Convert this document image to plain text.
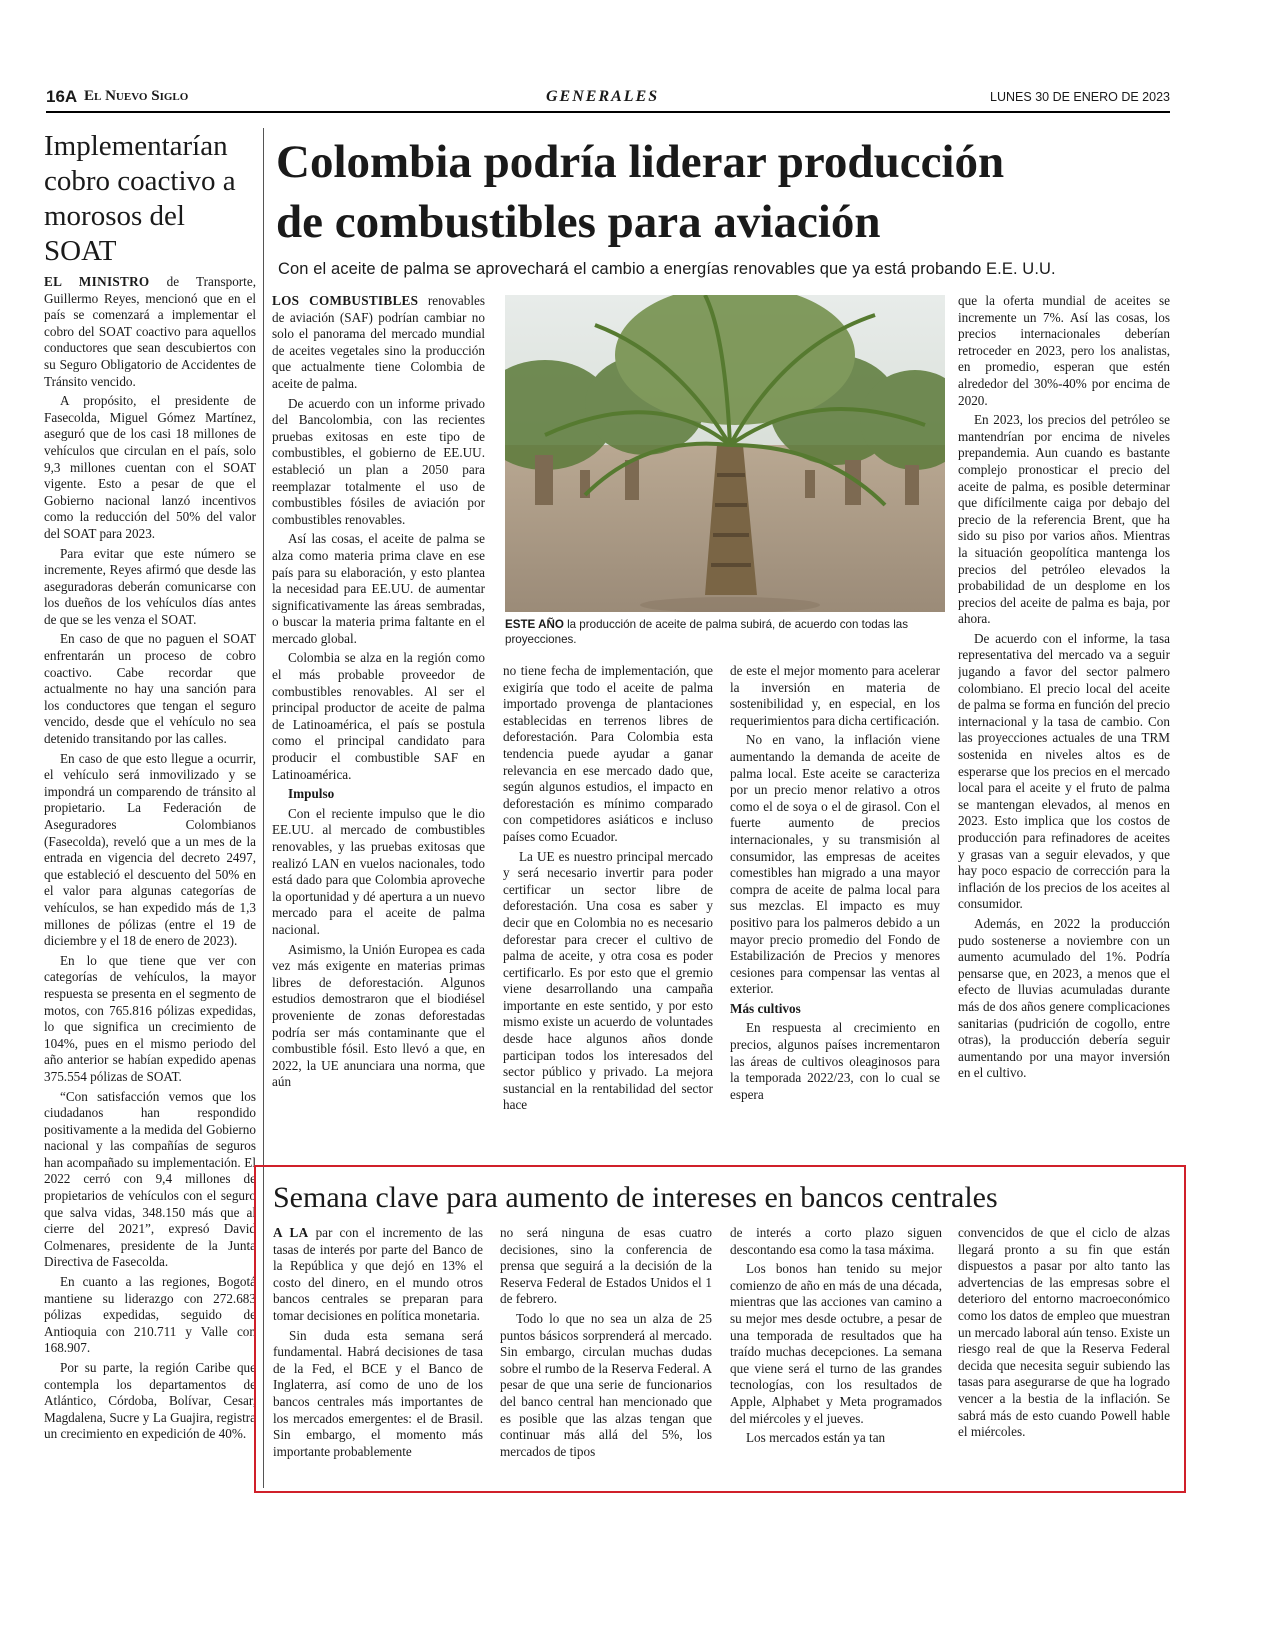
16A El Nuevo Siglo	GENERALES	LUNES 30 DE ENERO DE 2023
Implementarían cobro coactivo a morosos del SOAT

EL MINISTRO de Transporte, Guillermo Reyes, mencionó que en el país se comenzará a implementar el cobro del SOAT coactivo para aquellos conductores que sean descubiertos con su Seguro Obligatorio de Accidentes de Tránsito vencido.

A propósito, el presidente de Fasecolda, Miguel Gómez Martínez, aseguró que de los casi 18 millones de vehículos que circulan en el país, solo 9,3 millones cuentan con el SOAT vigente. Esto a pesar de que el Gobierno nacional lanzó incentivos como la reducción del 50% del valor del SOAT para 2023.

Para evitar que este número se incremente, Reyes afirmó que desde las aseguradoras deberán comunicarse con los dueños de los vehículos días antes de que se les venza el SOAT.

En caso de que no paguen el SOAT enfrentarán un proceso de cobro coactivo. Cabe recordar que actualmente no hay una sanción para los conductores que tengan el seguro vencido, desde que el vehículo no sea detenido transitando por las calles.

En caso de que esto llegue a ocurrir, el vehículo será inmovilizado y se impondrá un comparendo de tránsito al propietario. La Federación de Aseguradores Colombianos (Fasecolda), reveló que a un mes de la entrada en vigencia del decreto 2497, que estableció el descuento del 50% en el valor para algunas categorías de vehículos, se han expedido más de 1,3 millones de pólizas (entre el 19 de diciembre y el 18 de enero de 2023).

En lo que tiene que ver con categorías de vehículos, la mayor respuesta se presenta en el segmento de motos, con 765.816 pólizas expedidas, lo que significa un crecimiento de 104%, pues en el mismo periodo del año anterior se habían expedido apenas 375.554 pólizas de SOAT.

“Con satisfacción vemos que los ciudadanos han respondido positivamente a la medida del Gobierno nacional y las compañías de seguros han acompañado su implementación. El 2022 cerró con 9,4 millones de propietarios de vehículos con el seguro que salva vidas, 348.150 más que al cierre del 2021”, expresó David Colmenares, presidente de la Junta Directiva de Fasecolda.

En cuanto a las regiones, Bogotá mantiene su liderazgo con 272.683 pólizas expedidas, seguido de Antioquia con 210.711 y Valle con 168.907.

Por su parte, la región Caribe que contempla los departamentos de Atlántico, Córdoba, Bolívar, Cesar, Magdalena, Sucre y La Guajira, registra un crecimiento en expedición de 40%.

Colombia podría liderar producción
de combustibles para aviación
Con el aceite de palma se aprovechará el cambio a energías renovables que ya está probando E.E. U.U.
ESTE AÑO la producción de aceite de palma subirá, de acuerdo con todas las proyecciones.

LOS COMBUSTIBLES renovables de aviación (SAF) podrían cambiar no solo el panorama del mercado mundial de aceites vegetales sino la producción que actualmente tiene Colombia de aceite de palma.

De acuerdo con un informe privado del Bancolombia, con las recientes pruebas exitosas en este tipo de combustibles, el gobierno de EE.UU. estableció un plan a 2050 para reemplazar totalmente el uso de combustibles fósiles de aviación por combustibles renovables.

Así las cosas, el aceite de palma se alza como materia prima clave en ese país para su elaboración, y esto plantea la necesidad para EE.UU. de aumentar significativamente las áreas sembradas, o buscar la materia prima faltante en el mercado global.

Colombia se alza en la región como el más probable proveedor de combustibles renovables. Al ser el principal productor de aceite de palma de Latinoamérica, el país se postula como el principal candidato para producir el combustible SAF en Latinoamérica.

Impulso

Con el reciente impulso que le dio EE.UU. al mercado de combustibles renovables, y las pruebas exitosas que realizó LAN en vuelos nacionales, todo está dado para que Colombia aproveche la oportunidad y dé apertura a un nuevo mercado para el aceite de palma nacional.

Asimismo, la Unión Europea es cada vez más exigente en materias primas libres de deforestación. Algunos estudios demostraron que el biodiésel proveniente de zonas deforestadas podría ser más contaminante que el combustible fósil. Esto llevó a que, en 2022, la UE anunciara una norma, que aún

no tiene fecha de implementación, que exigiría que todo el aceite de palma importado provenga de plantaciones establecidas en terrenos libres de deforestación. Para Colombia esta tendencia puede ayudar a ganar relevancia en ese mercado dado que, según algunos estudios, el impacto en deforestación es mínimo comparado con competidores asiáticos e incluso países como Ecuador.

La UE es nuestro principal mercado y será necesario invertir para poder certificar un sector libre de deforestación. Una cosa es saber y decir que en Colombia no es necesario deforestar para crecer el cultivo de palma de aceite, y otra cosa es poder certificarlo. Es por esto que el gremio viene desarrollando una campaña importante en este sentido, y por esto mismo existe un acuerdo de voluntades desde hace algunos años donde participan todos los interesados del sector público y privado. La mejora sustancial en la rentabilidad del sector hace

de este el mejor momento para acelerar la inversión en materia de sostenibilidad y, en especial, en los requerimientos para dicha certificación.

No en vano, la inflación viene aumentando la demanda de aceite de palma local. Este aceite se caracteriza por un precio menor relativo a otros como el de soya o el de girasol. Con el fuerte aumento de precios internacionales, y su transmisión al consumidor, las empresas de aceites comestibles han migrado a una mayor compra de aceite de palma local para sus mezclas. El impacto es muy positivo para los palmeros debido a un mayor precio promedio del Fondo de Estabilización de Precios y menores cesiones para compensar las ventas al exterior.

Más cultivos

En respuesta al crecimiento en precios, algunos países incrementaron las áreas de cultivos oleaginosos para la temporada 2022/23, con lo cual se espera

que la oferta mundial de aceites se incremente un 7%. Así las cosas, los precios internacionales deberían retroceder en 2023, pero los analistas, en promedio, esperan que estén alrededor del 30%-40% por encima de 2020.

En 2023, los precios del petróleo se mantendrían por encima de niveles prepandemia. Aun cuando es bastante complejo pronosticar el precio del aceite de palma, es posible determinar que difícilmente caiga por debajo del precio de la referencia Brent, que ha sido su piso por varios años. Mientras la situación geopolítica mantenga los precios del petróleo elevados la probabilidad de un desplome en los precios del aceite de palma es baja, por ahora.

De acuerdo con el informe, la tasa representativa del mercado va a seguir jugando a favor del sector palmero colombiano. El precio local del aceite de palma se forma en función del precio internacional y la tasa de cambio. Con las proyecciones actuales de una TRM sostenida en niveles altos es de esperarse que los precios en el mercado local para el aceite y el fruto de palma se mantengan elevados, al menos en 2023. Esto implica que los costos de producción para refinadores de aceites y grasas van a seguir elevados, y que hay poco espacio de corrección para la inflación de los precios de los aceites al consumidor.

Además, en 2022 la producción pudo sostenerse a noviembre con un aumento acumulado del 1%. Podría pensarse que, en 2023, a menos que el efecto de lluvias acumuladas durante más de dos años genere complicaciones sanitarias (pudrición de cogollo, entre otras), la producción debería seguir aumentando por una mayor inversión en el cultivo.

Semana clave para aumento de intereses en bancos centrales

A LA par con el incremento de las tasas de interés por parte del Banco de la República y que dejó en 13% el costo del dinero, en el mundo otros bancos centrales se preparan para tomar decisiones en política monetaria.

Sin duda esta semana será fundamental. Habrá decisiones de tasa de la Fed, el BCE y el Banco de Inglaterra, así como de uno de los bancos centrales más importantes de los mercados emergentes: el de Brasil. Sin embargo, el momento más importante probablemente

no será ninguna de esas cuatro decisiones, sino la conferencia de prensa que seguirá a la decisión de la Reserva Federal de Estados Unidos el 1 de febrero.

Todo lo que no sea un alza de 25 puntos básicos sorprenderá al mercado. Sin embargo, circulan muchas dudas sobre el rumbo de la Reserva Federal. A pesar de que una serie de funcionarios del banco central han mencionado que es posible que las alzas tengan que continuar más allá del 5%, los mercados de tipos

de interés a corto plazo siguen descontando esa como la tasa máxima.

Los bonos han tenido su mejor comienzo de año en más de una década, mientras que las acciones van camino a su mejor mes desde octubre, a pesar de una temporada de resultados que ha traído muchas decepciones. La semana que viene será el turno de las grandes tecnologías, con los resultados de Apple, Alphabet y Meta programados del miércoles y el jueves.

Los mercados están ya tan

convencidos de que el ciclo de alzas llegará pronto a su fin que están dispuestos a pasar por alto tanto las advertencias de las empresas sobre el deterioro del entorno macroeconómico como los datos de empleo que muestran un mercado laboral aún tenso. Existe un riesgo real de que la Reserva Federal decida que necesita seguir subiendo las tasas para asegurarse de que ha logrado vencer a la bestia de la inflación. Se sabrá más de esto cuando Powell hable el miércoles.
